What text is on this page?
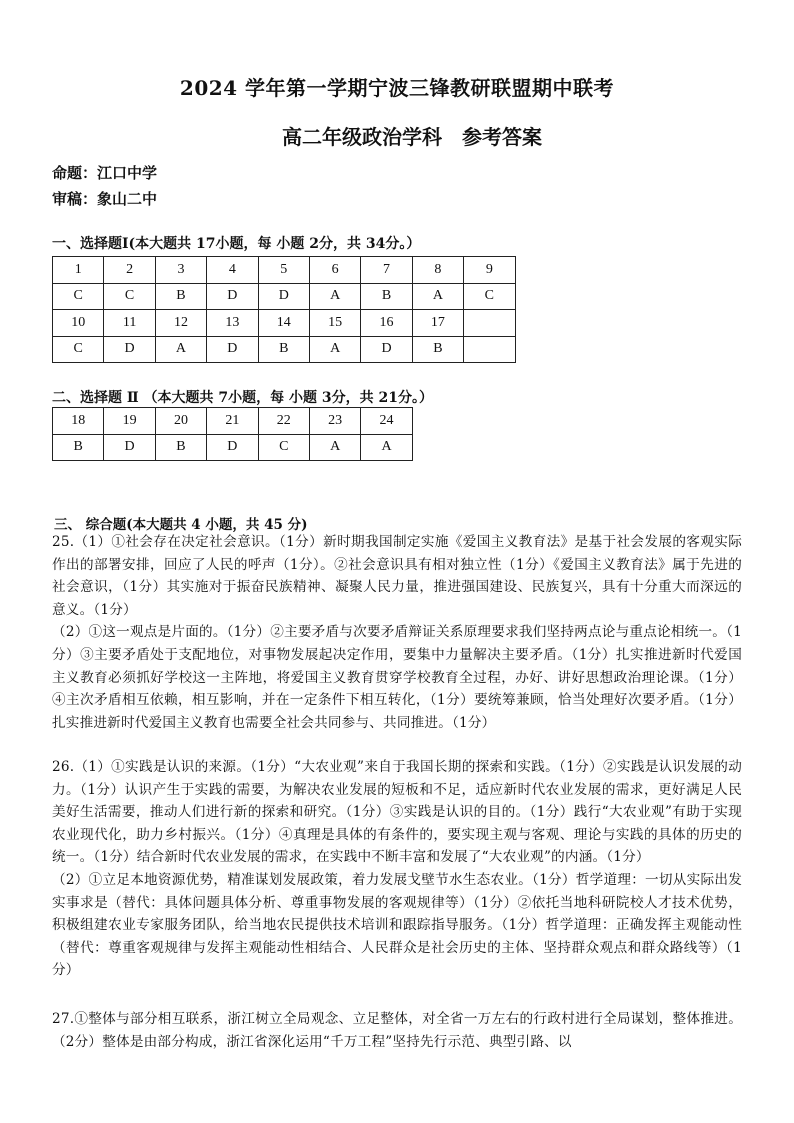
2024 学年第一学期宁波三锋教研联盟期中联考
高二年级政治学科　参考答案
命题：江口中学
审稿：象山二中
一、选择题Ⅰ(本大题共 17小题，每 小题 2分，共 34分。）
1	2	3	4	5	6	7	8	9
C	C	B	D	D	A	B	A	C
10	11	12	13	14	15	16	17	
C	D	A	D	B	A	D	B	
二、选择题 Ⅱ （本大题共 7小题，每 小题 3分，共 21分。）
18	19	20	21	22	23	24
B	D	B	D	C	A	A
三、 综合题(本大题共 4 小题，共 45 分)

25.（1）①社会存在决定社会意识。（1分）新时期我国制定实施《爱国主义教育法》是基于社会发展的客观实际作出的部署安排，回应了人民的呼声（1分）。②社会意识具有相对独立性（1分）《爱国主义教育法》属于先进的社会意识，（1分）其实施对于振奋民族精神、凝聚人民力量，推进强国建设、民族复兴，具有十分重大而深远的意义。（1分）

（2）①这一观点是片面的。（1分）②主要矛盾与次要矛盾辩证关系原理要求我们坚持两点论与重点论相统一。（1分）③主要矛盾处于支配地位，对事物发展起决定作用，要集中力量解决主要矛盾。（1分）扎实推进新时代爱国主义教育必须抓好学校这一主阵地，将爱国主义教育贯穿学校教育全过程，办好、讲好思想政治理论课。（1分）④主次矛盾相互依赖，相互影响，并在一定条件下相互转化，（1分）要统筹兼顾，恰当处理好次要矛盾。（1分）扎实推进新时代爱国主义教育也需要全社会共同参与、共同推进。（1分）

26.（1）①实践是认识的来源。（1分）“大农业观”来自于我国长期的探索和实践。（1分）②实践是认识发展的动力。（1分）认识产生于实践的需要，为解决农业发展的短板和不足，适应新时代农业发展的需求，更好满足人民美好生活需要，推动人们进行新的探索和研究。（1分）③实践是认识的目的。（1分）践行“大农业观”有助于实现农业现代化，助力乡村振兴。（1分）④真理是具体的有条件的，要实现主观与客观、理论与实践的具体的历史的统一。（1分）结合新时代农业发展的需求，在实践中不断丰富和发展了“大农业观”的内涵。（1分）

（2）①立足本地资源优势，精准谋划发展政策，着力发展戈壁节水生态农业。（1分）哲学道理：一切从实际出发实事求是（替代：具体问题具体分析、尊重事物发展的客观规律等）（1分）②依托当地科研院校人才技术优势，积极组建农业专家服务团队，给当地农民提供技术培训和跟踪指导服务。（1分）哲学道理：正确发挥主观能动性（替代：尊重客观规律与发挥主观能动性相结合、人民群众是社会历史的主体、坚持群众观点和群众路线等）（1分）

27.①整体与部分相互联系，浙江树立全局观念、立足整体，对全省一万左右的行政村进行全局谋划，整体推进。（2分）整体是由部分构成，浙江省深化运用“千万工程”坚持先行示范、典型引路、以
